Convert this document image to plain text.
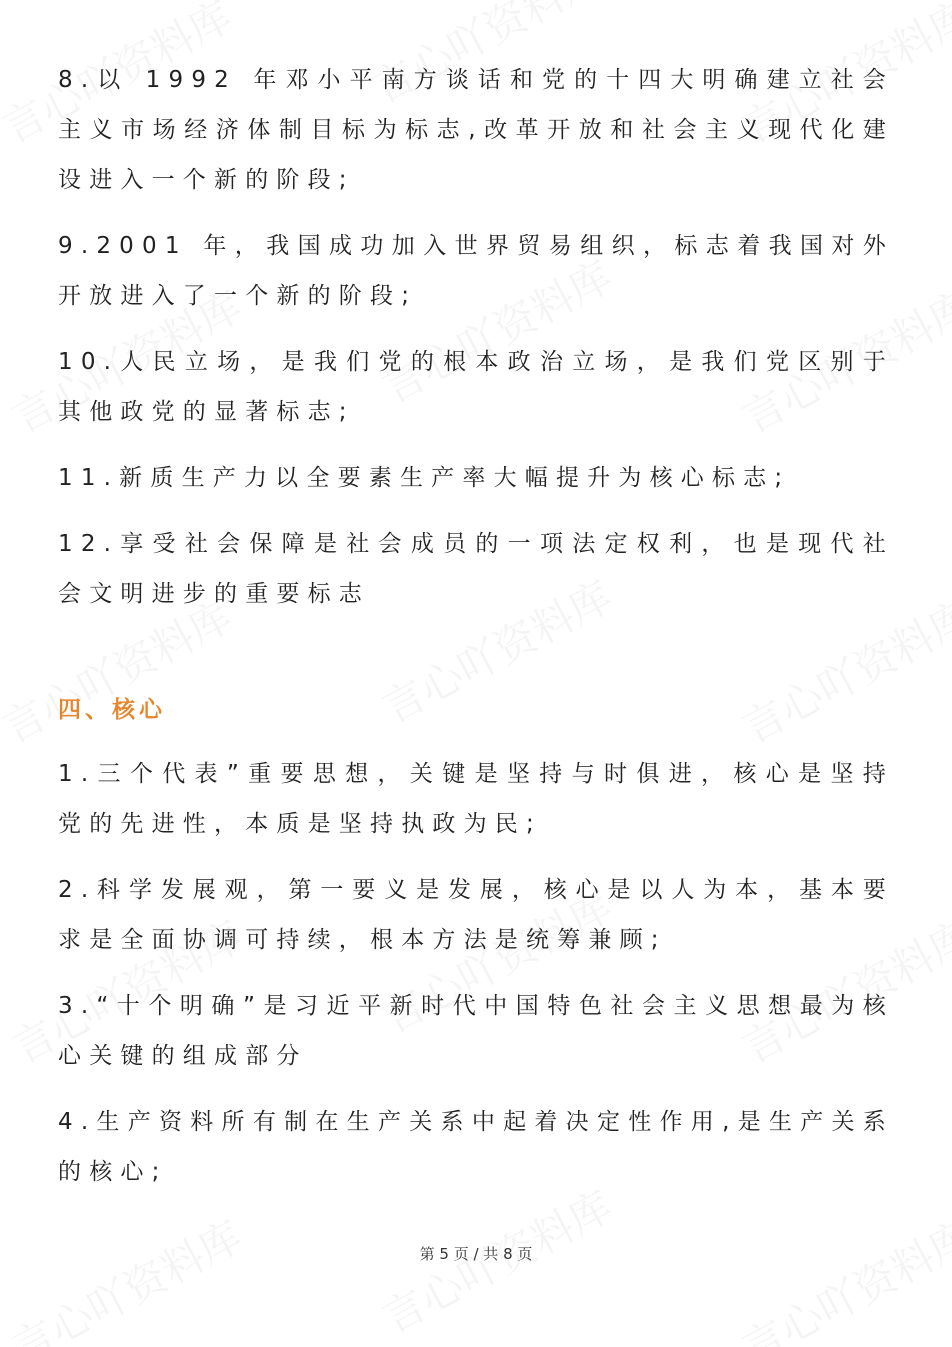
8.以 1992 年邓小平南方谈话和党的十四大明确建立社会主义市场经济体制目标为标志,改革开放和社会主义现代化建设进入一个新的阶段;

9.2001 年，我国成功加入世界贸易组织，标志着我国对外开放进入了一个新的阶段;

10.人民立场，是我们党的根本政治立场，是我们党区别于其他政党的显著标志;

11.新质生产力以全要素生产率大幅提升为核心标志;

12.享受社会保障是社会成员的一项法定权利，也是现代社会文明进步的重要标志

四、核心

1.三个代表”重要思想，关键是坚持与时俱进，核心是坚持党的先进性，本质是坚持执政为民;

2.科学发展观，第一要义是发展，核心是以人为本，基本要求是全面协调可持续，根本方法是统筹兼顾;

3.“十个明确”是习近平新时代中国特色社会主义思想最为核心关键的组成部分

4.生产资料所有制在生产关系中起着决定性作用,是生产关系的核心;

第 5 页 / 共 8 页
